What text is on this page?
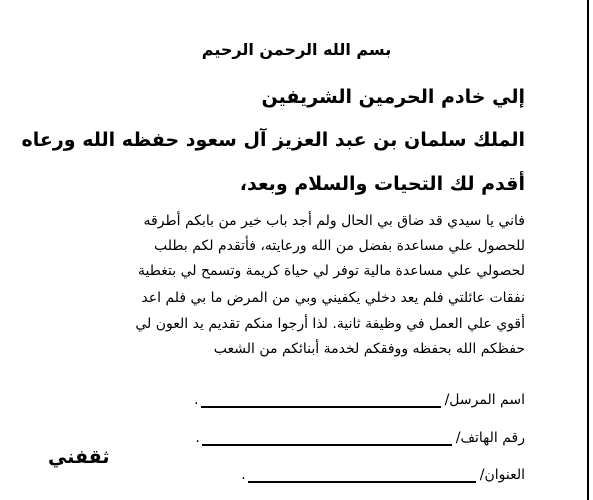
بسم الله الرحمن الرحيم
إلي خادم الحرمين الشريفين
الملك سلمان بن عبد العزيز آل سعود حفظه الله ورعاه
أقدم لك التحيات والسلام وبعد،
فاني يا سيدي قد ضاق بي الحال ولم أجد باب خير من بابكم أطرقه
للحصول علي مساعدة بفضل من الله ورعايته، فأتقدم لكم بطلب
لحصولي علي مساعدة مالية توفر لي حياة كريمة وتسمح لي بتغطية
نفقات عائلتي فلم يعد دخلي يكفيني وبي من المرض ما بي فلم اعد
أقوي علي العمل في وظيفة ثانية. لذا أرجوا منكم تقديم يد العون لي
حفظكم الله بحفظه ووفقكم لخدمة أبنائكم من الشعب
اسم المرسل/
.
رقم الهاتف/
.
العنوان/
.
ثقفني
